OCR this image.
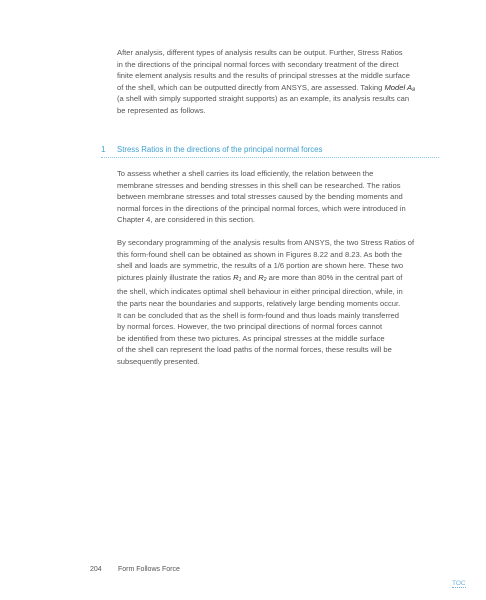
After analysis, different types of analysis results can be output. Further, Stress Ratios
in the directions of the principal normal forces with secondary treatment of the direct
finite element analysis results and the results of principal stresses at the middle surface
of the shell, which can be outputted directly from ANSYS, are assessed. Taking Model A₈
(a shell with simply supported straight supports) as an example, its analysis results can
be represented as follows.

1 Stress Ratios in the directions of the principal normal forces

To assess whether a shell carries its load efficiently, the relation between the
membrane stresses and bending stresses in this shell can be researched. The ratios
between membrane stresses and total stresses caused by the bending moments and
normal forces in the directions of the principal normal forces, which were introduced in
Chapter 4, are considered in this section.

By secondary programming of the analysis results from ANSYS, the two Stress Ratios of
this form-found shell can be obtained as shown in Figures 8.22 and 8.23. As both the
shell and loads are symmetric, the results of a 1/6 portion are shown here. These two
pictures plainly illustrate the ratios $R_1$ and $R_2$ are more than 80% in the central part of
the shell, which indicates optimal shell behaviour in either principal direction, while, in
the parts near the boundaries and supports, relatively large bending moments occur.
It can be concluded that as the shell is form-found and thus loads mainly transferred
by normal forces. However, the two principal directions of normal forces cannot
be identified from these two pictures. As principal stresses at the middle surface
of the shell can represent the load paths of the normal forces, these results will be
subsequently presented.

204 Form Follows Force
TOC
